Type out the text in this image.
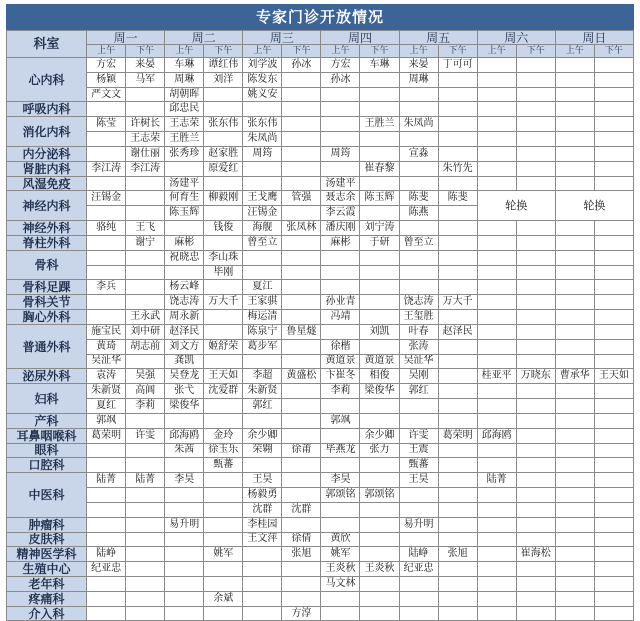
专家门诊开放情况
科室	周一		周二		周三		周四		周五		周六		周日	
	上午	下午	上午	下午	上午	下午	上午	下午	上午	下午	上午	下午	上午	下午
心内科	方宏	来晏	车琳	谭红伟	刘学波	孙冰	方宏	车琳	来晏	丁可可				
	杨颖	马军	周琳	刘洋	陈发东		孙冰		周琳					
	严文文		胡朝晖		姚义安									
呼吸内科			邱忠民											
消化内科	陈莹	许树长	王志荣	张东伟	张东伟			王胜兰	朱凤尚					
		王志荣	王胜兰		朱凤尚									
内分泌科		谢仕丽	张秀珍	赵家胜	周筠		周筠		宣淼					
肾脏内科	李江涛	李江涛		原爱红				崔春黎		朱竹先				
风湿免疫			汤建平				汤建平							
神经内科	汪锡金		何育生	柳毅刚	王戈鹰	管强	聂志余	陈玉辉	陈斐	陈斐	轮换		轮换	
			陈玉辉		汪锡金		李云霞		陈燕					
神经外科	骆纯	王飞		钱俊	海舰	张凤林	潘庆刚	刘宁涛						
脊柱外科		谢宁	麻彬		曾至立		麻彬	于研	曾至立					
骨科			祝晓忠	李山珠										
				毕刚										
骨科足踝	李兵		杨云峰		夏江									
骨科关节			饶志涛	万大千	王家骐		孙业青		饶志涛	万大千				
胸心外科		王永武	周永新		梅运清		冯靖		王玺胜					
普通外科	施宝民	刘中研	赵泽民		陈泉宁	鲁星燧		刘凯	叶春	赵泽民				
	黄琦	胡志前	刘文方	姬舒荣	葛步军		徐楷		张涛					
	吴沚华		龚凯				黄道景	黄道景	吴沚华					
泌尿外科	袁涛	吴强	吴登龙	王天如	李超	黄盛松	卞崔冬	相俊	吴刚		桂亚平	万晓东	曹承华	王天如
妇科	朱新贤	高阊	张弋	沈爱群	朱新贤		李莉	梁俊华	郭红					
	夏红	李莉	梁俊华		郭红									
产科	郭飒						郭飒							
耳鼻咽喉科	葛荣明	许雯	邱海鸥	金玲	余少卿			余少卿	许雯	葛荣明	邱海鸥			
眼科			朱茜	徐玉乐	荣翱	徐莆	毕燕龙	张力	王震					
口腔科				甄蕃					甄蕃					
中医科	陆菁	陆菁	李昊		王昊		李昊		王昊		陆菁			
					杨毅勇		郭颂铭	郭颂铭						
					沈群	沈群								
肿瘤科			易升明		李桂园				易升明					
皮肤科					王文萍	徐倩	黄欣							
精神医学科	陆峥			姚军		张旭	姚军		陆峥	张旭		崔海松		
生殖中心	纪亚忠						王炎秋	王炎秋	纪亚忠					
老年科							马文林							
疼痛科				余斌										
介入科						方淳								
